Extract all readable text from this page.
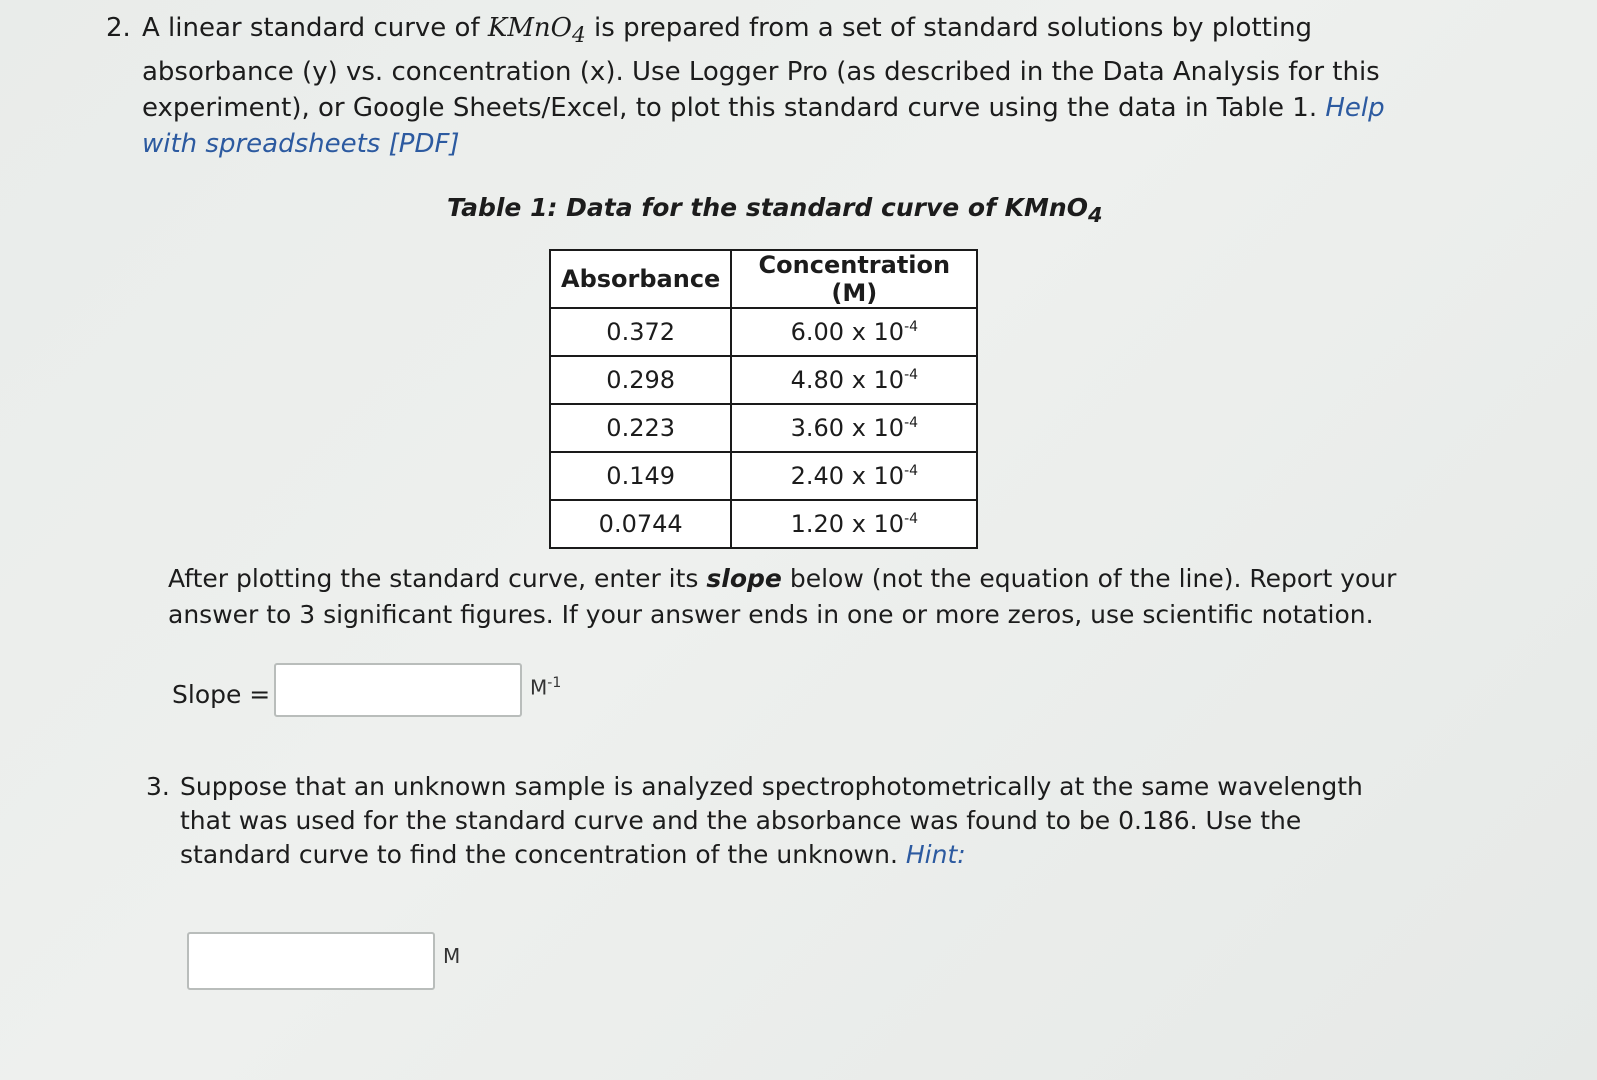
2. A linear standard curve of KMnO$_4$ is prepared from a set of standard solutions by plotting absorbance (y) vs. concentration (x). Use Logger Pro (as described in the Data Analysis for this experiment), or Google Sheets/Excel, to plot this standard curve using the data in Table 1. Help with spreadsheets [PDF]
Table 1: Data for the standard curve of KMnO$_4$
Absorbance	Concentration (M)
0.372	6.00 x $10^{-4}$
0.298	4.80 x $10^{-4}$
0.223	3.60 x $10^{-4}$
0.149	2.40 x $10^{-4}$
0.0744	1.20 x $10^{-4}$
After plotting the standard curve, enter its slope below (not the equation of the line). Report your answer to 3 significant figures. If your answer ends in one or more zeros, use scientific notation.
Slope =	$M^{-1}$
3. Suppose that an unknown sample is analyzed spectrophotometrically at the same wavelength that was used for the standard curve and the absorbance was found to be 0.186. Use the standard curve to find the concentration of the unknown. Hint:
M
